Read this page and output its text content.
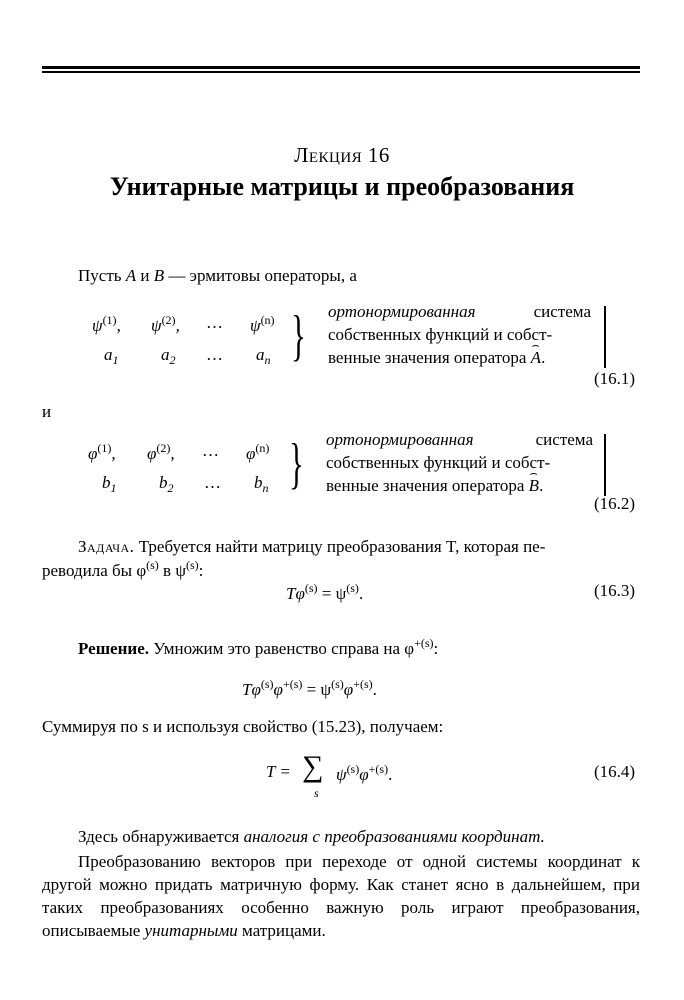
Лекция 16
Унитарные матрицы и преобразования
Пусть A и B — эрмитовы операторы, а
$\psi^{(1)}$, $\psi^{(2)}$, … $\psi^{(n)}$
$a_1$	$a_2$ … $a_n$ } ортонормированная	система
собственных функций и собст-
венные значения оператора ⌢ A.
(16.1)
и
$\varphi^{(1)}$, $\varphi^{(2)}$, … $\varphi^{(n)}$
$b_1$	$b_2$ … $b_n$ } ортонормированная	система
собственных функций и собст-
венные значения оператора ⌢ B.
(16.2)
Задача. Требуется найти матрицу преобразования T, которая пе-
реводила бы $\varphi^{(s)}$ в $\psi^{(s)}$:
$T\varphi^{(s)} = \psi^{(s)}$.	(16.3)
Решение. Умножим это равенство справа на $\varphi^{+(s)}$:
$T\varphi^{(s)}\varphi^{+(s)} = \psi^{(s)}\varphi^{+(s)}$.
Суммируя по s и используя свойство (15.23), получаем:
T = ∑
s
$\psi^{(s)}\varphi^{+(s)}$.	(16.4)
Здесь обнаруживается аналогия с преобразованиями координат.
Преобразованию векторов при переходе от одной системы координат к другой можно придать матричную форму. Как станет ясно в дальнейшем, при таких преобразованиях особенно важную роль играют преобразования, описываемые унитарными матрицами.
